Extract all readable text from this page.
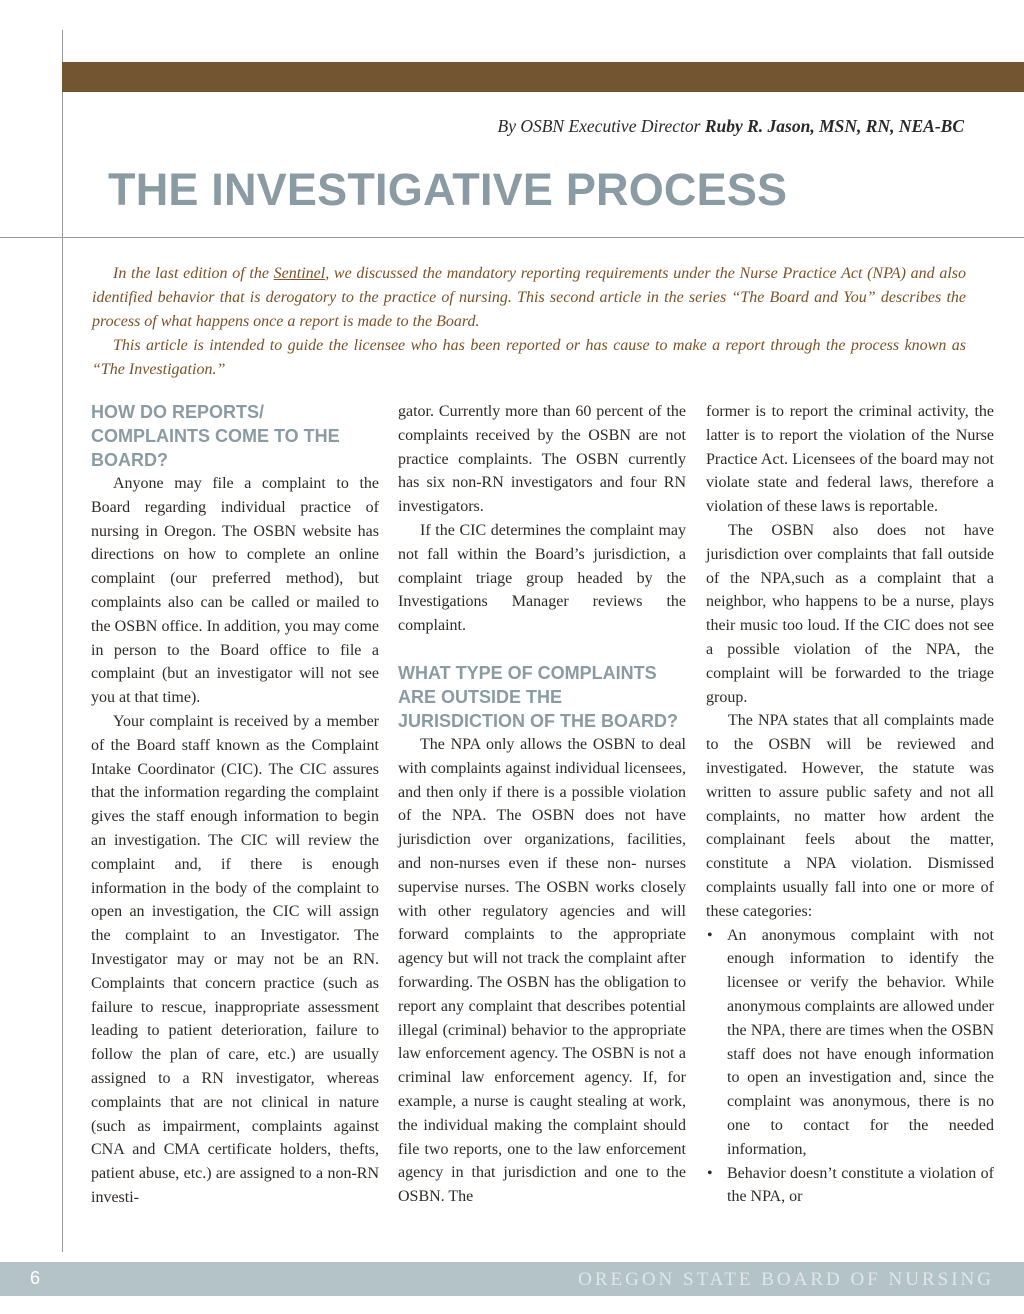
By OSBN Executive Director Ruby R. Jason, MSN, RN, NEA-BC
THE INVESTIGATIVE PROCESS

In the last edition of the Sentinel, we discussed the mandatory reporting requirements under the Nurse Practice Act (NPA) and also identified behavior that is derogatory to the practice of nursing. This second article in the series “The Board and You” describes the process of what happens once a report is made to the Board.

This article is intended to guide the licensee who has been reported or has cause to make a report through the process known as “The Investigation.”

HOW DO REPORTS/ COMPLAINTS COME TO THE BOARD?

Anyone may file a complaint to the Board regarding individual practice of nursing in Oregon. The OSBN website has directions on how to complete an online complaint (our preferred method), but complaints also can be called or mailed to the OSBN office. In addition, you may come in person to the Board office to file a complaint (but an investigator will not see you at that time).

Your complaint is received by a member of the Board staff known as the Complaint Intake Coordinator (CIC). The CIC assures that the information regarding the complaint gives the staff enough information to begin an investigation. The CIC will review the complaint and, if there is enough information in the body of the complaint to open an investigation, the CIC will assign the complaint to an Investigator. The Investigator may or may not be an RN. Complaints that concern practice (such as failure to rescue, inappropriate assessment leading to patient deterioration, failure to follow the plan of care, etc.) are usually assigned to a RN investigator, whereas complaints that are not clinical in nature (such as impairment, complaints against CNA and CMA certificate holders, thefts, patient abuse, etc.) are assigned to a non-RN investi-

gator. Currently more than 60 percent of the complaints received by the OSBN are not practice complaints. The OSBN currently has six non-RN investigators and four RN investigators.

If the CIC determines the complaint may not fall within the Board’s jurisdiction, a complaint triage group headed by the Investigations Manager reviews the complaint.

WHAT TYPE OF COMPLAINTS ARE OUTSIDE THE JURISDICTION OF THE BOARD?

The NPA only allows the OSBN to deal with complaints against individual licensees, and then only if there is a possible violation of the NPA. The OSBN does not have jurisdiction over organizations, facilities, and non-nurses even if these non- nurses supervise nurses. The OSBN works closely with other regulatory agencies and will forward complaints to the appropriate agency but will not track the complaint after forwarding. The OSBN has the obligation to report any complaint that describes potential illegal (criminal) behavior to the appropriate law enforcement agency. The OSBN is not a criminal law enforcement agency. If, for example, a nurse is caught stealing at work, the individual making the complaint should file two reports, one to the law enforcement agency in that jurisdiction and one to the OSBN. The

former is to report the criminal activity, the latter is to report the violation of the Nurse Practice Act. Licensees of the board may not violate state and federal laws, therefore a violation of these laws is reportable.

The OSBN also does not have jurisdiction over complaints that fall outside of the NPA,such as a complaint that a neighbor, who happens to be a nurse, plays their music too loud. If the CIC does not see a possible violation of the NPA, the complaint will be forwarded to the triage group.

The NPA states that all complaints made to the OSBN will be reviewed and investigated. However, the statute was written to assure public safety and not all complaints, no matter how ardent the complainant feels about the matter, constitute a NPA violation. Dismissed complaints usually fall into one or more of these categories:

• An anonymous complaint with not enough information to identify the licensee or verify the behavior. While anonymous complaints are allowed under the NPA, there are times when the OSBN staff does not have enough information to open an investigation and, since the complaint was anonymous, there is no one to contact for the needed information,
• Behavior doesn’t constitute a violation of the NPA, or
6	OREGON STATE BOARD OF NURSING
